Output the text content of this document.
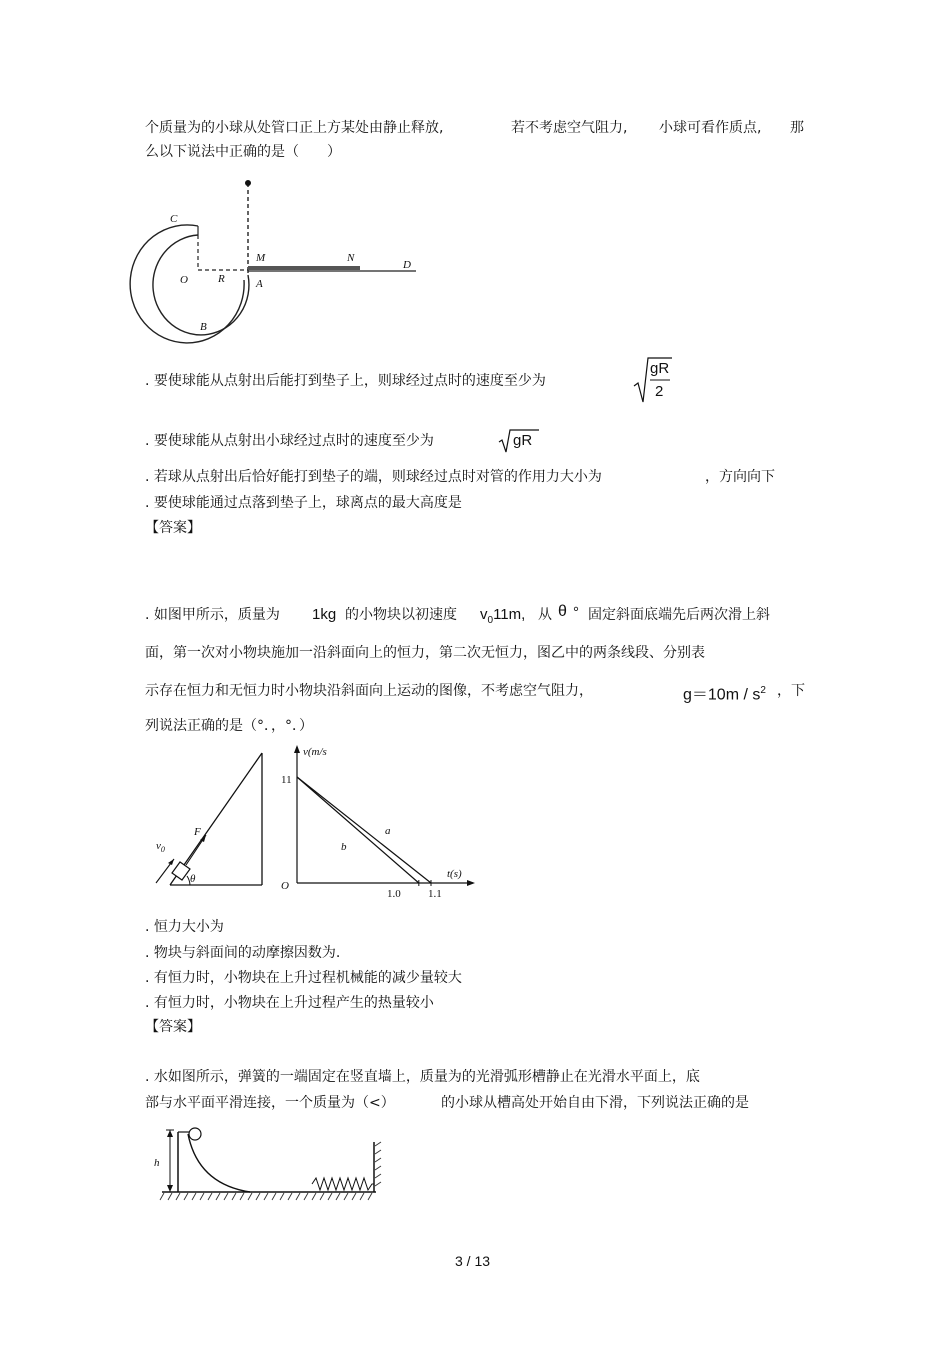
个质量为的小球从处管口正上方某处由静止释放,	若不考虑空气阻力, 小球可看作质点, 那
么以下说法中正确的是（　　）
C
O	R
M	N
D
A
B
. 要使球能从点射出后能打到垫子上，则球经过点时的速度至少为
gR
2
. 要使球能从点射出小球经过点时的速度至少为	gR
. 若球从点射出后恰好能打到垫子的端，则球经过点时对管的作用力大小为	，方向向下
. 要使球能通过点落到垫子上，球离点的最大高度是
【答案】
. 如图甲所示，质量为 1kg 的小物块以初速度 $v_011m$, 从 θ ° 固定斜面底端先后两次滑上斜
面，第一次对小物块施加一沿斜面向上的恒力，第二次无恒力，图乙中的两条线段、分别表
示存在恒力和无恒力时小物块沿斜面向上运动的图像，不考虑空气阻力，	$g=10m / s^2$ ，下
列说法正确的是（°．，°．）
$v_0$
F
θ
v(m/s
11
O
1.0 1.1
t(s)
a
b
. 恒力大小为
. 物块与斜面间的动摩擦因数为.
. 有恒力时，小物块在上升过程机械能的减少量较大
. 有恒力时，小物块在上升过程产生的热量较小
【答案】
. 水如图所示，弹簧的一端固定在竖直墙上，质量为的光滑弧形槽静止在光滑水平面上，底
部与水平面平滑连接，一个质量为（<）	的小球从槽高处开始自由下滑，下列说法正确的是
h
3 / 13
